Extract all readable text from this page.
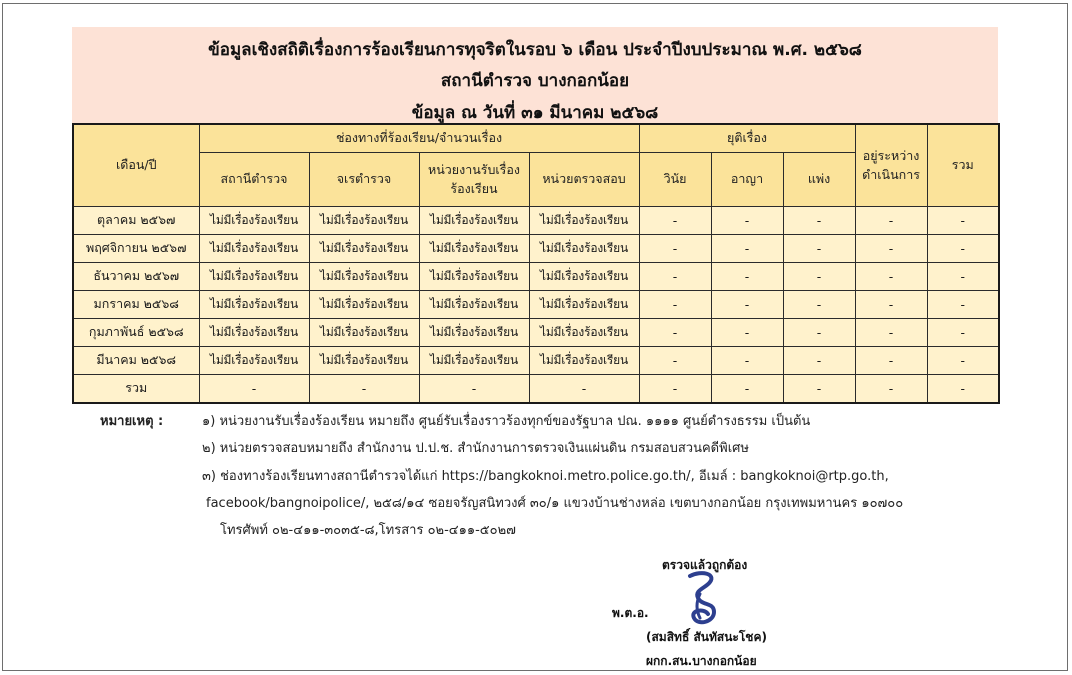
ข้อมูลเชิงสถิติเรื่องการร้องเรียนการทุจริตในรอบ ๖ เดือน ประจำปีงบประมาณ พ.ศ. ๒๕๖๘
สถานีตำรวจ บางกอกน้อย
ข้อมูล ณ วันที่ ๓๑ มีนาคม ๒๕๖๘
เดือน/ปี	ช่องทางที่ร้องเรียน/จำนวนเรื่อง				ยุติเรื่อง			อยู่ระหว่างดำเนินการ	รวม
	สถานีตำรวจ	จเรตำรวจ	หน่วยงานรับเรื่องร้องเรียน	หน่วยตรวจสอบ	วินัย	อาญา	แพ่ง		
ตุลาคม ๒๕๖๗	ไม่มีเรื่องร้องเรียน	ไม่มีเรื่องร้องเรียน	ไม่มีเรื่องร้องเรียน	ไม่มีเรื่องร้องเรียน	-	-	-	-	-
พฤศจิกายน ๒๕๖๗	ไม่มีเรื่องร้องเรียน	ไม่มีเรื่องร้องเรียน	ไม่มีเรื่องร้องเรียน	ไม่มีเรื่องร้องเรียน	-	-	-	-	-
ธันวาคม ๒๕๖๗	ไม่มีเรื่องร้องเรียน	ไม่มีเรื่องร้องเรียน	ไม่มีเรื่องร้องเรียน	ไม่มีเรื่องร้องเรียน	-	-	-	-	-
มกราคม ๒๕๖๘	ไม่มีเรื่องร้องเรียน	ไม่มีเรื่องร้องเรียน	ไม่มีเรื่องร้องเรียน	ไม่มีเรื่องร้องเรียน	-	-	-	-	-
กุมภาพันธ์ ๒๕๖๘	ไม่มีเรื่องร้องเรียน	ไม่มีเรื่องร้องเรียน	ไม่มีเรื่องร้องเรียน	ไม่มีเรื่องร้องเรียน	-	-	-	-	-
มีนาคม ๒๕๖๘	ไม่มีเรื่องร้องเรียน	ไม่มีเรื่องร้องเรียน	ไม่มีเรื่องร้องเรียน	ไม่มีเรื่องร้องเรียน	-	-	-	-	-
รวม	-	-	-	-	-	-	-	-	-
หมายเหตุ :	๑) หน่วยงานรับเรื่องร้องเรียน หมายถึง ศูนย์รับเรื่องราวร้องทุกข์ของรัฐบาล ปณ. ๑๑๑๑ ศูนย์ดำรงธรรม เป็นต้น
๒) หน่วยตรวจสอบหมายถึง สำนักงาน ป.ป.ช. สำนักงานการตรวจเงินแผ่นดิน กรมสอบสวนคดีพิเศษ
๓) ช่องทางร้องเรียนทางสถานีตำรวจได้แก่ https://bangkoknoi.metro.police.go.th/, อีเมล์ : bangkoknoi@rtp.go.th,
facebook/bangnoipolice/, ๒๕๘/๑๔ ซอยจรัญสนิทวงศ์ ๓๐/๑ แขวงบ้านช่างหล่อ เขตบางกอกน้อย กรุงเทพมหานคร ๑๐๗๐๐
โทรศัพท์ ๐๒-๔๑๑-๓๐๓๕-๘,โทรสาร ๐๒-๔๑๑-๕๐๒๗
ตรวจแล้วถูกต้อง
พ.ต.อ.
(สมสิทธิ์ สันทัสนะโชค)
ผกก.สน.บางกอกน้อย
